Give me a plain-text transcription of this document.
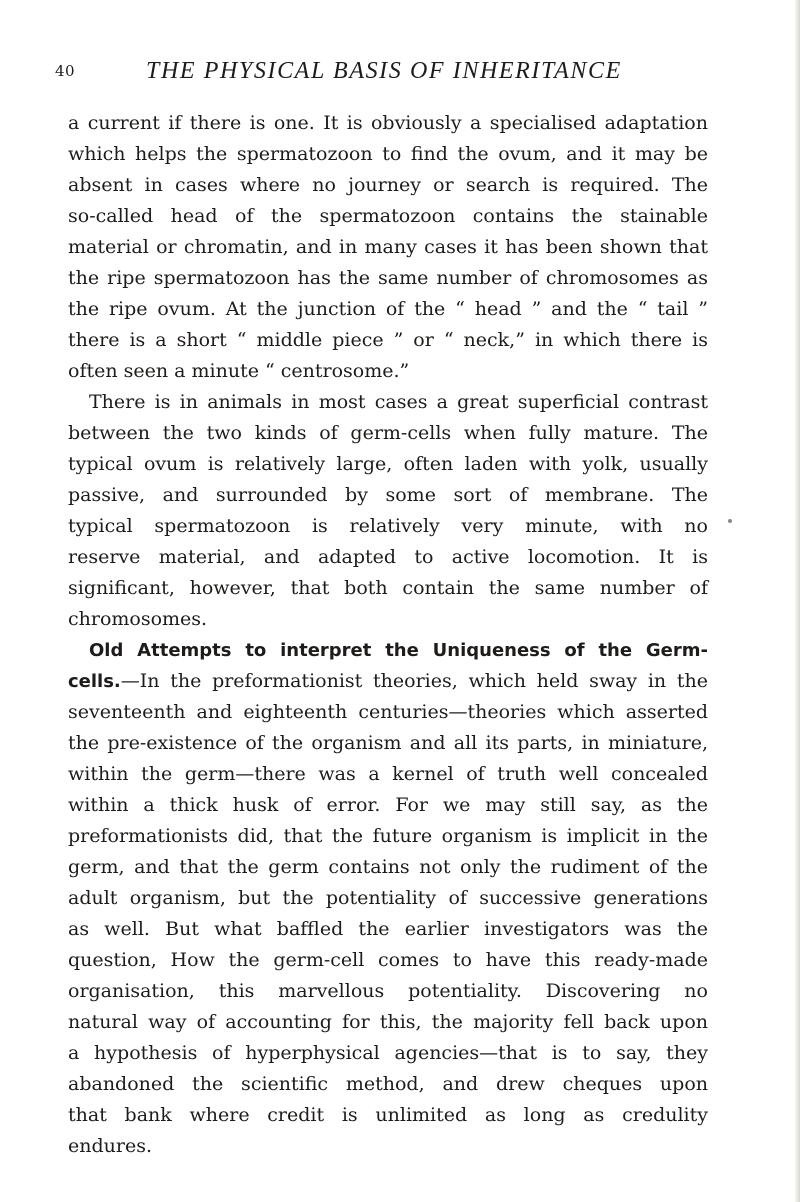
40	THE PHYSICAL BASIS OF INHERITANCE
a current if there is one. It is obviously a specialised adaptation
which helps the spermatozoon to find the ovum, and it may be
absent in cases where no journey or search is required. The
so-called head of the spermatozoon contains the stainable
material or chromatin, and in many cases it has been shown that
the ripe spermatozoon has the same number of chromosomes as
the ripe ovum. At the junction of the “ head ” and the “ tail ”
there is a short “ middle piece ” or “ neck,” in which there is
often seen a minute “ centrosome.”
There is in animals in most cases a great superficial contrast
between the two kinds of germ-cells when fully mature. The
typical ovum is relatively large, often laden with yolk, usually
passive, and surrounded by some sort of membrane. The
typical spermatozoon is relatively very minute, with no
reserve material, and adapted to active locomotion. It is
significant, however, that both contain the same number of
chromosomes.
Old Attempts to interpret the Uniqueness of the Germ-
cells.—In the preformationist theories, which held sway in the
seventeenth and eighteenth centuries—theories which asserted
the pre-existence of the organism and all its parts, in miniature,
within the germ—there was a kernel of truth well concealed
within a thick husk of error. For we may still say, as the
preformationists did, that the future organism is implicit in the
germ, and that the germ contains not only the rudiment of the
adult organism, but the potentiality of successive generations
as well. But what baffled the earlier investigators was the
question, How the germ-cell comes to have this ready-made
organisation, this marvellous potentiality. Discovering no
natural way of accounting for this, the majority fell back upon
a hypothesis of hyperphysical agencies—that is to say, they
abandoned the scientific method, and drew cheques upon
that bank where credit is unlimited as long as credulity
endures.
